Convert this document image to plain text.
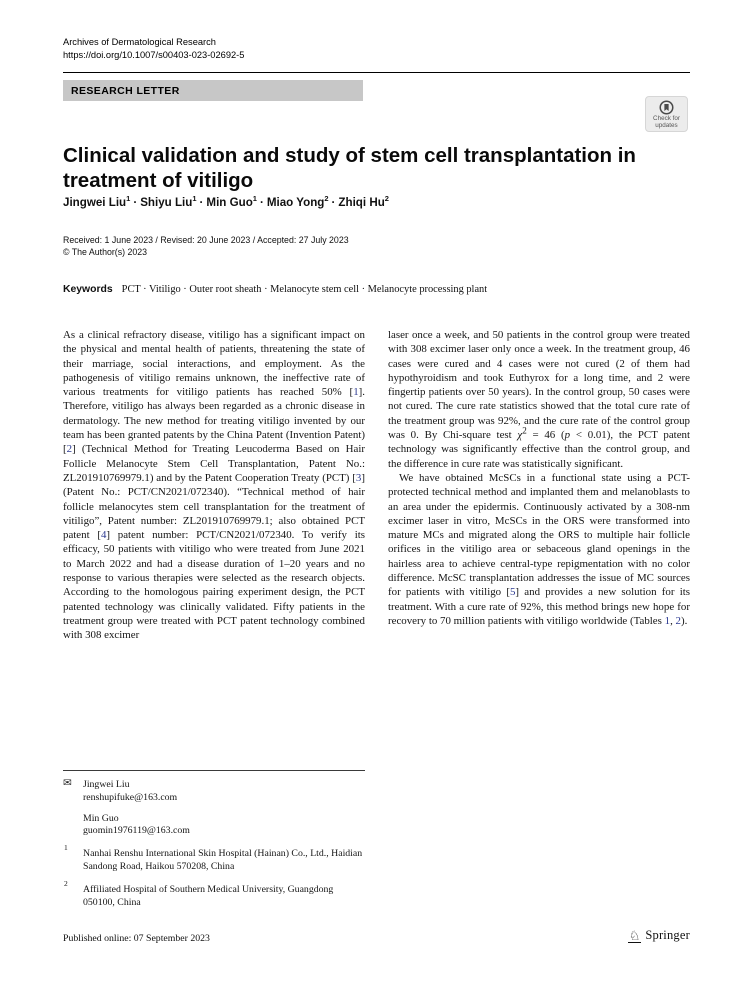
Archives of Dermatological Research
https://doi.org/10.1007/s00403-023-02692-5
RESEARCH LETTER
Check for updates
Clinical validation and study of stem cell transplantation in treatment of vitiligo
Jingwei Liu$^1$ · Shiyu Liu$^1$ · Min Guo$^1$ · Miao Yong$^2$ · Zhiqi Hu$^2$
Received: 1 June 2023 / Revised: 20 June 2023 / Accepted: 27 July 2023
© The Author(s) 2023
Keywords PCT · Vitiligo · Outer root sheath · Melanocyte stem cell · Melanocyte processing plant

As a clinical refractory disease, vitiligo has a significant impact on the physical and mental health of patients, threatening the state of their marriage, social interactions, and employment. As the pathogenesis of vitiligo remains unknown, the ineffective rate of various treatments for vitiligo patients has reached 50% [1]. Therefore, vitiligo has always been regarded as a chronic disease in dermatology. The new method for treating vitiligo invented by our team has been granted patents by the China Patent (Invention Patent) [2] (Technical Method for Treating Leucoderma Based on Hair Follicle Melanocyte Stem Cell Transplantation, Patent No.: ZL201910769979.1) and by the Patent Cooperation Treaty (PCT) [3] (Patent No.: PCT/CN2021/072340). “Technical method of hair follicle melanocytes stem cell transplantation for the treatment of vitiligo”, Patent number: ZL201910769979.1; also obtained PCT patent [4] patent number: PCT/CN2021/072340. To verify its efficacy, 50 patients with vitiligo who were treated from June 2021 to March 2022 and had a disease duration of 1–20 years and no response to various therapies were selected as the research objects. According to the homologous pairing experiment design, the PCT patented technology was clinically validated. Fifty patients in the treatment group were treated with PCT patent technology combined with 308 excimer

laser once a week, and 50 patients in the control group were treated with 308 excimer laser only once a week. In the treatment group, 46 cases were cured and 4 cases were not cured (2 of them had hypothyroidism and took Euthyrox for a long time, and 2 were fingertip patients over 50 years). In the control group, 50 cases were not cured. The cure rate statistics showed that the total cure rate of the treatment group was 92%, and the cure rate of the control group was 0. By Chi-square test $\chi^2 = 46$ (p < 0.01), the PCT patent technology was significantly effective than the control group, and the difference in cure rate was statistically significant.

We have obtained McSCs in a functional state using a PCT-protected technical method and implanted them and melanoblasts to an area under the epidermis. Continuously activated by a 308-nm excimer laser in vitro, McSCs in the ORS were transformed into mature MCs and migrated along the ORS to multiple hair follicle orifices in the vitiligo area or sebaceous gland openings in the hairless area to achieve central-type repigmentation with no color difference. McSC transplantation addresses the issue of MC sources for patients with vitiligo [5] and provides a new solution for its treatment. With a cure rate of 92%, this method brings new hope for recovery to 70 million patients with vitiligo worldwide (Tables 1, 2).

✉ Jingwei Liu
renshupifuke@163.com
Min Guo
guomin1976119@163.com
1
Nanhai Renshu International Skin Hospital (Hainan) Co., Ltd., Haidian Sandong Road, Haikou 570208, China
2
Affiliated Hospital of Southern Medical University, Guangdong 050100, China
Published online: 07 September 2023	♘ Springer
